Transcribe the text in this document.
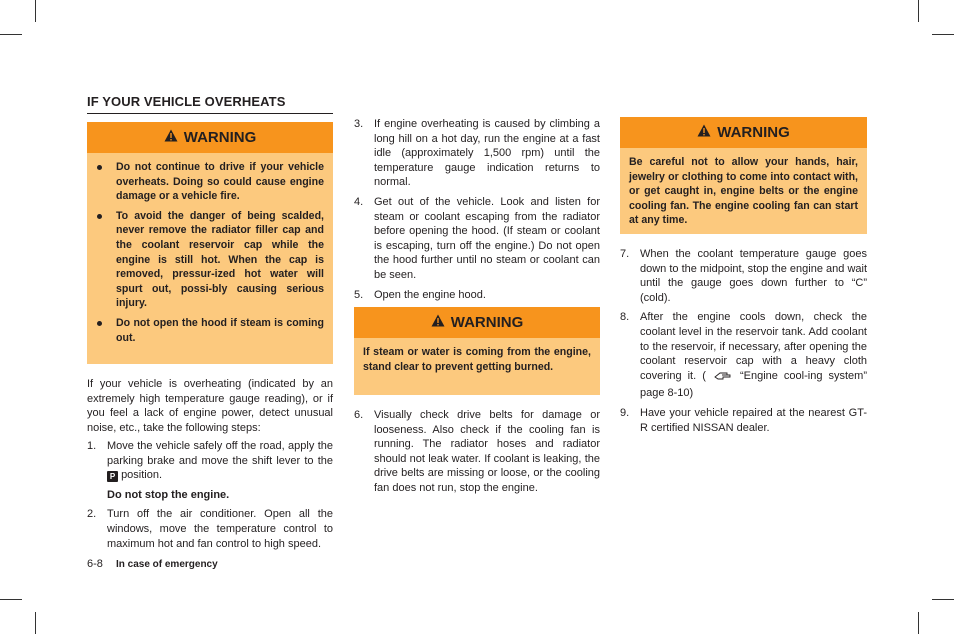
IF YOUR VEHICLE OVERHEATS
WARNING
Do not continue to drive if your vehicle overheats. Doing so could cause engine damage or a vehicle fire.
To avoid the danger of being scalded, never remove the radiator filler cap and the coolant reservoir cap while the engine is still hot. When the cap is removed, pressur-ized hot water will spurt out, possi-bly causing serious injury.
Do not open the hood if steam is coming out.
If your vehicle is overheating (indicated by an extremely high temperature gauge reading), or if you feel a lack of engine power, detect unusual noise, etc., take the following steps:
1. Move the vehicle safely off the road, apply the parking brake and move the shift lever to the P position.
Do not stop the engine.
2. Turn off the air conditioner. Open all the windows, move the temperature control to maximum hot and fan control to high speed.
3. If engine overheating is caused by climbing a long hill on a hot day, run the engine at a fast idle (approximately 1,500 rpm) until the temperature gauge indication returns to normal.
4. Get out of the vehicle. Look and listen for steam or coolant escaping from the radiator before opening the hood. (If steam or coolant is escaping, turn off the engine.) Do not open the hood further until no steam or coolant can be seen.
5. Open the engine hood.
WARNING
If steam or water is coming from the engine, stand clear to prevent getting burned.
6. Visually check drive belts for damage or looseness. Also check if the cooling fan is running. The radiator hoses and radiator should not leak water. If coolant is leaking, the drive belts are missing or loose, or the cooling fan does not run, stop the engine.
WARNING
Be careful not to allow your hands, hair, jewelry or clothing to come into contact with, or get caught in, engine belts or the engine cooling fan. The engine cooling fan can start at any time.
7. When the coolant temperature gauge goes down to the midpoint, stop the engine and wait until the gauge goes down further to “C” (cold).
8. After the engine cools down, check the coolant level in the reservoir tank. Add coolant to the reservoir, if necessary, after opening the coolant reservoir cap with a heavy cloth covering it. (	“Engine cool-ing system” page 8-10)
9. Have your vehicle repaired at the nearest GT-R certified NISSAN dealer.
6-8 In case of emergency
